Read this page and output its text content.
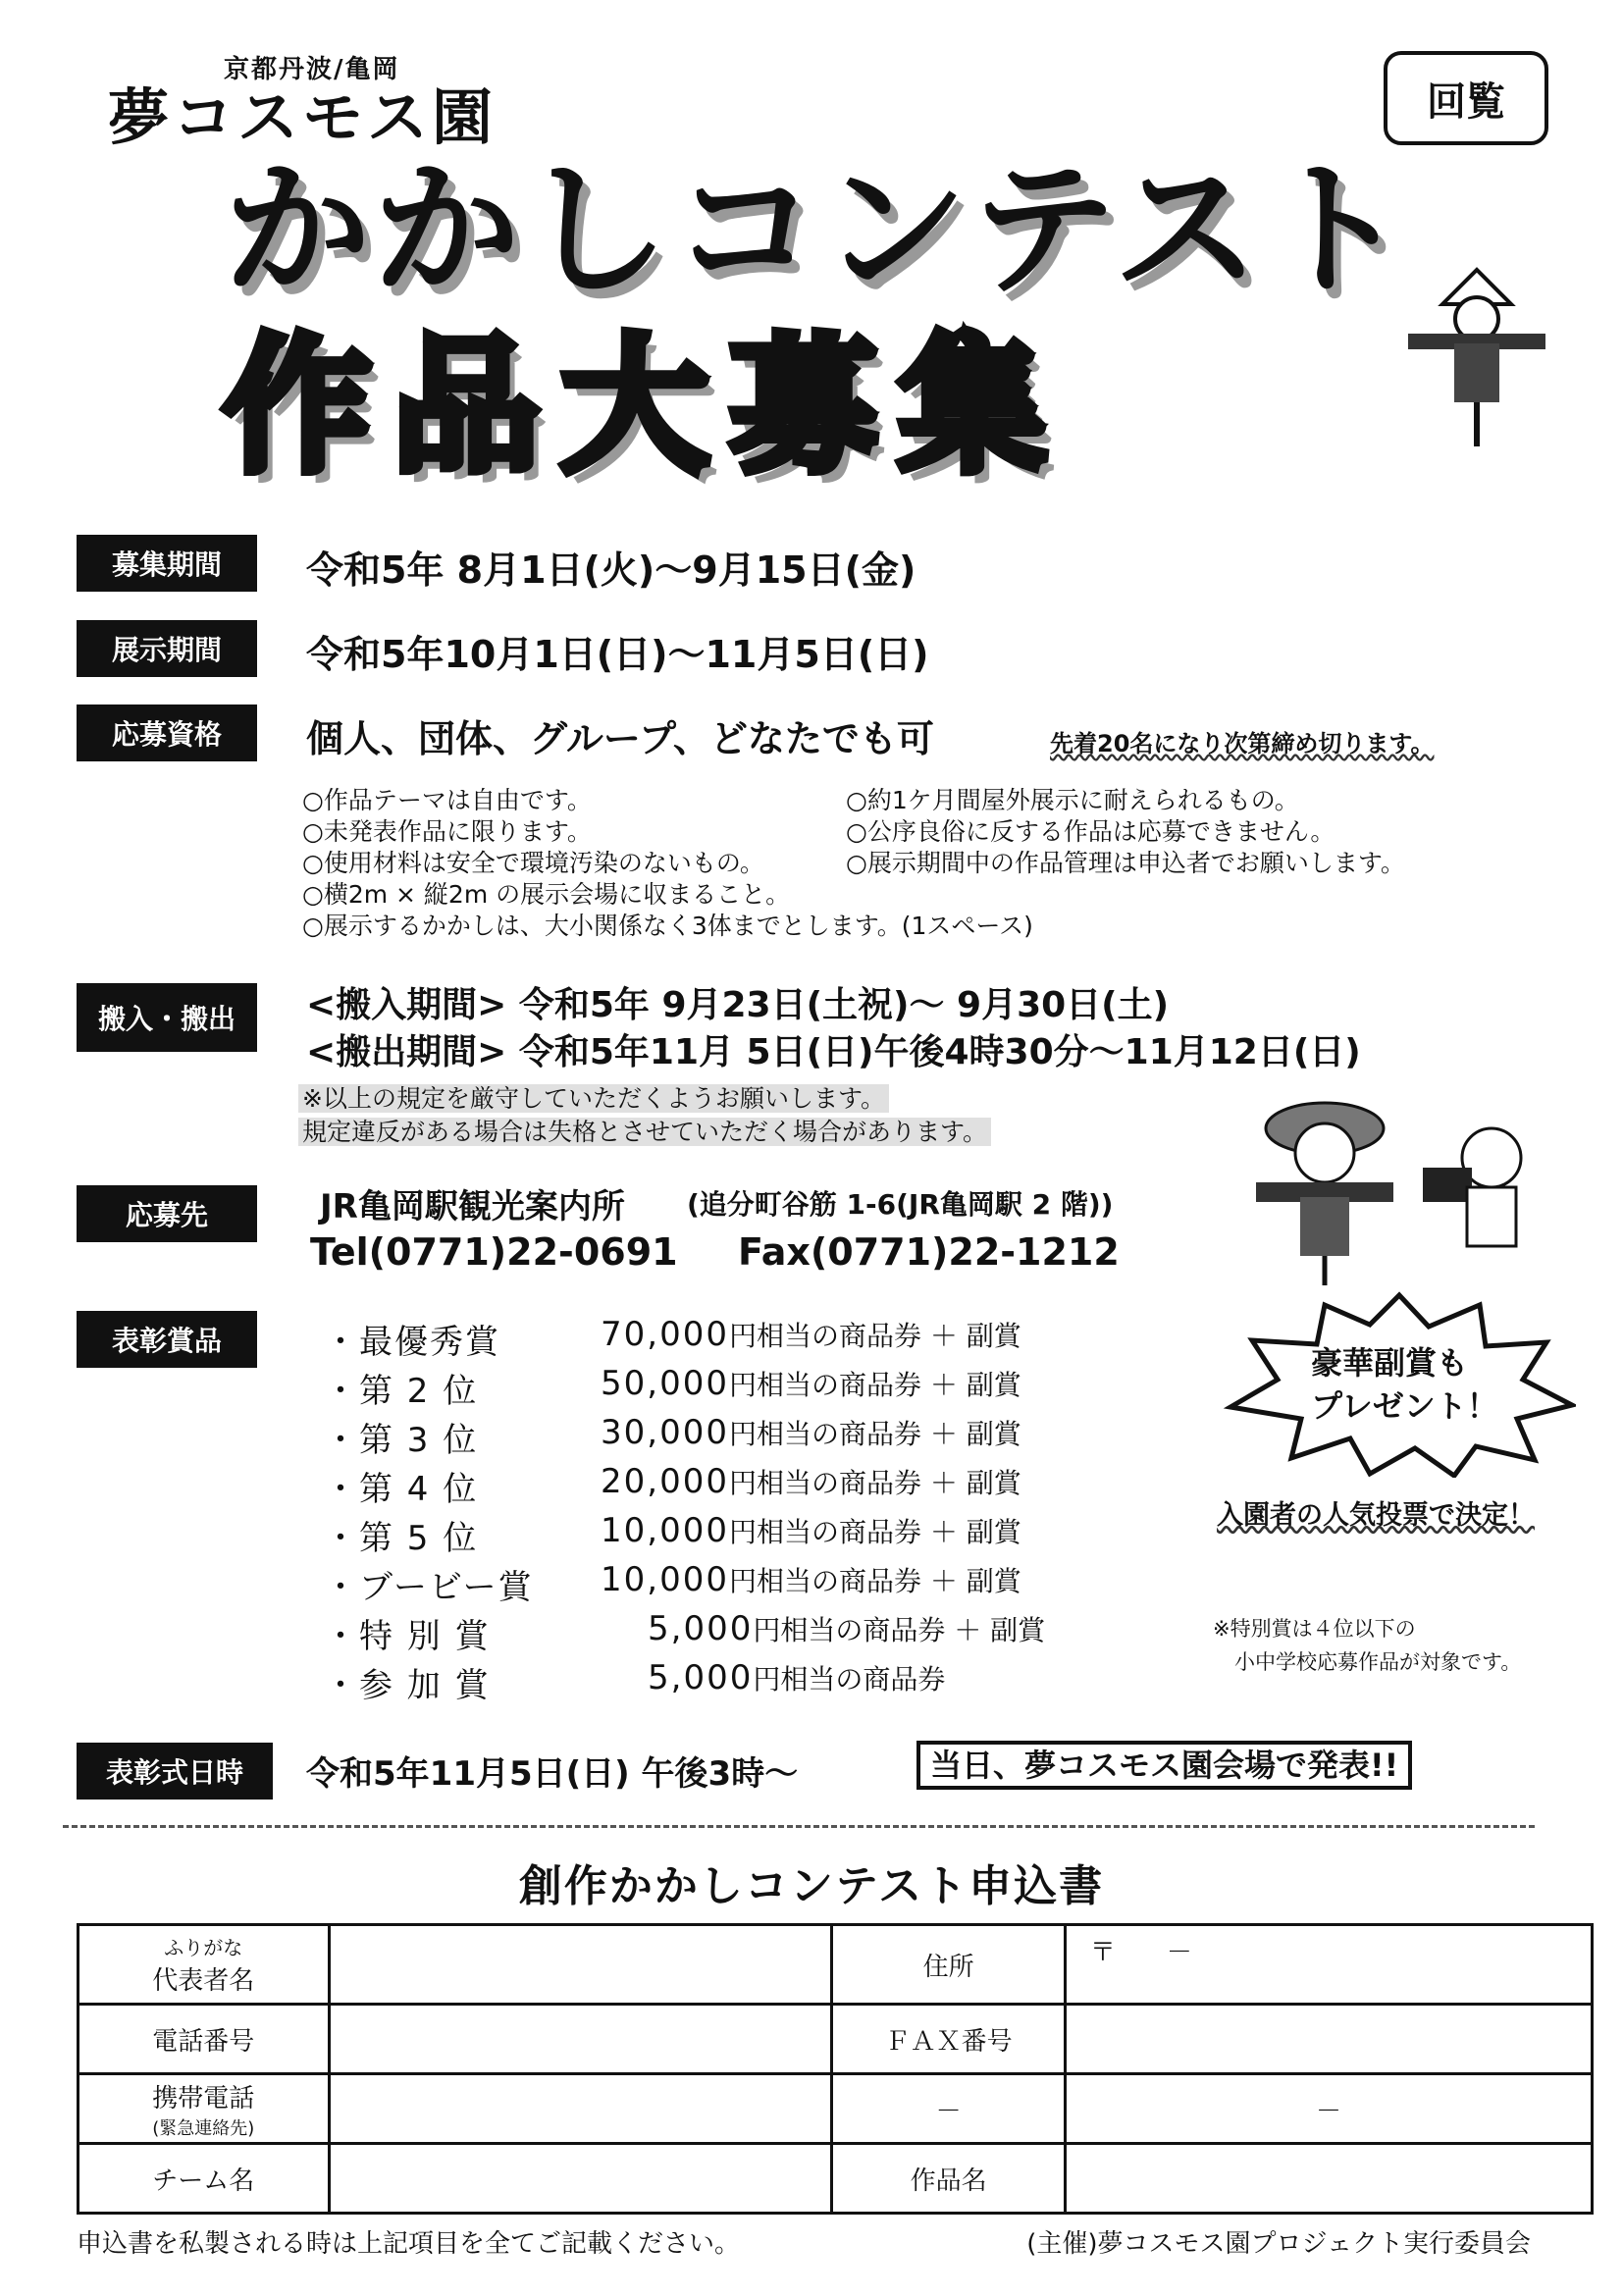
京都丹波/亀岡
夢コスモス園	回覧
かかしコンテスト
作品大募集
募集期間	令和5年 8月1日(火)〜9月15日(金)
展示期間	令和5年10月1日(日)〜11月5日(日)
応募資格	個人、団体、グループ、どなたでも可	先着20名になり次第締め切ります。
○作品テーマは自由です。
○未発表作品に限ります。
○使用材料は安全で環境汚染のないもの。
○約1ケ月間屋外展示に耐えられるもの。
○公序良俗に反する作品は応募できません。
○展示期間中の作品管理は申込者でお願いします。
○横2m × 縦2m の展示会場に収まること。
○展示するかかしは、大小関係なく3体までとします。(1スペース)
搬入・搬出	<搬入期間> 令和5年 9月23日(土祝)〜 9月30日(土)
<搬出期間> 令和5年11月 5日(日)午後4時30分〜11月12日(日)
※以上の規定を厳守していただくようお願いします。
規定違反がある場合は失格とさせていただく場合があります。
応募先	JR亀岡駅観光案内所 (追分町谷筋 1-6(JR亀岡駅 2 階))
Tel(0771)22-0691 Fax(0771)22-1212
表彰賞品	・最優秀賞	70,000円相当の商品券 ＋ 副賞
・第 2 位	50,000円相当の商品券 ＋ 副賞
・第 3 位	30,000円相当の商品券 ＋ 副賞
・第 4 位	20,000円相当の商品券 ＋ 副賞
・第 5 位	10,000円相当の商品券 ＋ 副賞
・ブービー賞 10,000円相当の商品券 ＋ 副賞
・特 別 賞	5,000円相当の商品券 ＋ 副賞
・参 加 賞	5,000円相当の商品券
豪華副賞も
プレゼント！
入園者の人気投票で決定！
※特別賞は４位以下の
小中学校応募作品が対象です。
表彰式日時	令和5年11月5日(日) 午後3時〜	当日、夢コスモス園会場で発表!!
創作かかしコンテスト申込書
ふりがな
代表者名		住所	〒　　－
電話番号		ＦＡＸ番号	

携帯電話
(緊急連絡先)		－	－
チーム名		作品名	
申込書を私製される時は上記項目を全てご記載ください。	(主催)夢コスモス園プロジェクト実行委員会
